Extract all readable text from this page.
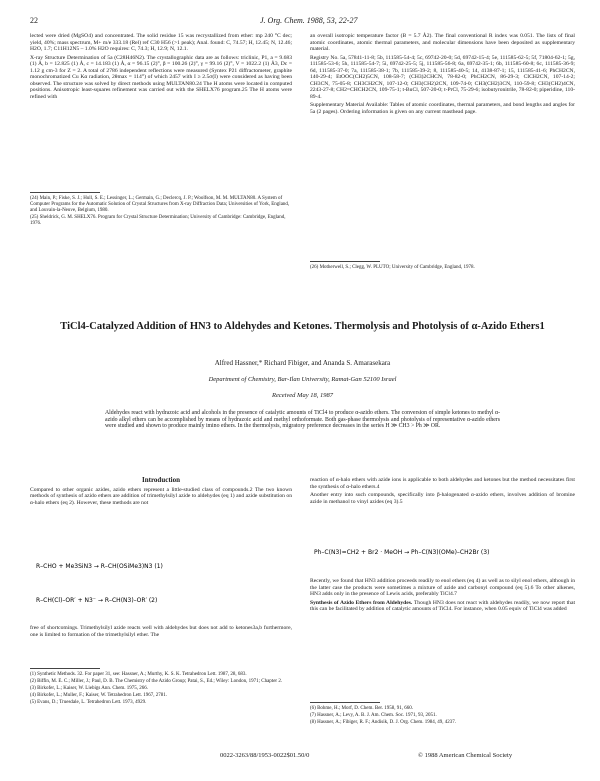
22	J. Org. Chem. 1988, 53, 22-27

lected were dried (MgSO4) and concentrated. The solid residue 15 was recrystallized from ether: mp 240 °C dec; yield, 40%; mass spectrum, M+ m/e 333.18 (Rel) ref C30 H56 (>1 peak); Anal. found: C, 74.57; H, 12.45; N, 12.46; H2O, 1.7; C11H12N5 – 1.0% H2O requires: C, 74.3; H, 12.9; N, 12.1.

X-ray Structure Determination of 5a (C28H46N2). The crystallographic data are as follows: triclinic, P1, a = 9.683 (1) Å, b = 12.825 (1) Å, c = 14.183 (1) Å, α = 96.15 (2)°, β = 100.26 (2)°, γ = 99.16 (2)°, V = 1022.2 (1) Å3, Dc = 1.12 g cm-3 for Z = 2. A total of 2786 independent reflections were measured (Syntex P21 diffractometer, graphite monochromatized Cu Kα radiation, 2θmax = 114°) of which 2457 with I ≥ 2.5σ(I) were considered as having been observed. The structure was solved by direct methods using MULTAN80.24 The H atoms were located in computed positions. Anisotropic least-squares refinement was carried out with the SHELX76 program.25 The H atoms were refined with

(24) Main, P.; Fiske, S. J.; Hull, S. E.; Lessinger, L.; Germain, G.; Declercq, J. P.; Woolfson, M. M. MULTAN80. A System of Computer Programs for the Automatic Solution of Crystal Structures from X-ray Diffraction Data; Universities of York, England, and Louvain-la-Neuve, Belgium, 1980.

(25) Sheldrick, G. M. SHELX76. Program for Crystal Structure Determination; University of Cambridge: Cambridge, England, 1976.

an overall isotropic temperature factor (B = 5.7 Å2). The final conventional R index was 0.051. The lists of final atomic coordinates, atomic thermal parameters, and molecular dimensions have been deposited as supplementary material.

Registry No. 5a, 57841-11-8; 5b, 111585-54-4; 5c, 69742-20-0; 5d, 69742-15-4; 5e, 111585-62-5; 5f, 71804-62-1; 5g, 111585-53-6; 5h, 111585-54-7; 5i, 69742-25-5; 5j, 111585-56-8; 6a, 69742-35-1; 6b, 111585-60-8; 6c, 111585-36-9; 6d, 111585-37-0; 7a, 111585-38-1; 7b, 111585-39-2; 8, 111585-40-5; 14, 4138-87-1; 15, 111585-41-6; PhCH2CN, 140-29-4; EtOOC(CH2)5CN, 108-58-7; (CH3)2CHCN, 78-82-0; PhCH2CN, 86-29-3; CICH2CN, 107-14-2; CH3CN, 75-05-8; CH3CH2CN, 107-12-0; CH3(CH2)2CN, 109-74-0; CH3(CH2)3CN, 110-59-8; CH3(CH2)4CN, 2243-27-8; CH2=CHCH2CN, 109-75-1; t-BuCl, 507-20-0; t-PrCl, 75-29-6; isobutyronitrile, 78-82-0; piperidine, 110-89-4.

Supplementary Material Available: Tables of atomic coordinates, thermal parameters, and bond lengths and angles for 5a (2 pages). Ordering information is given on any current masthead page.

(26) Motherwell, S.; Clegg, W. PLUTO; University of Cambridge, England, 1978.
TiCl4-Catalyzed Addition of HN3 to Aldehydes and Ketones. Thermolysis and Photolysis of α-Azido Ethers1
Alfred Hassner,* Richard Fibiger, and Ananda S. Amarasekara
Department of Chemistry, Bar-Ilan University, Ramat-Gan 52100 Israel
Received May 18, 1987
Aldehydes react with hydrazoic acid and alcohols in the presence of catalytic amounts of TiCl4 to produce α-azido ethers. The conversion of simple ketones to methyl α-azido alkyl ethers can be accomplished by means of hydrazoic acid and methyl orthoformate. Both gas-phase thermolysis and photolysis of representative α-azido ethers were studied and shown to produce mainly imino ethers. In the thermolysis, migratory preference decreases in the series H ≫ CH3 > Ph ≫ OR.
Introduction

Compared to other organic azides, azido ethers represent a little-studied class of compounds.2 The two known methods of synthesis of azido ethers are addition of trimethylsilyl azide to aldehydes (eq 1) and azide substitution on α-halo ethers (eq 2). However, these methods are not

R–CHO + Me3SiN3 → R–CH(OSiMe3)N3 (1)
R–CH(Cl)–OR′ + N3⁻ → R–CH(N3)–OR′ (2)
free of shortcomings. Trimethylsilyl azide reacts well with aldehydes but does not add to ketones3a,b furthermore, one is limited to formation of the trimethylsilyl ether. The

(1) Synthetic Methods. 32. For paper 31, see: Hassner, A.; Murthy, K. S. K. Tetrahedron Lett. 1987, 28, 683.

(2) Biffin, M. E. C.; Miller, J.; Paul, D. B. The Chemistry of the Azido Group; Patai, S., Ed.; Wiley: London, 1971; Chapter 2.

(3) Birkofer, L.; Kaiser, W. Liebigs Ann. Chem. 1975, 266.

(4) Birkofer, L.; Muller, F.; Kaiser, W. Tetrahedron Lett. 1967, 2781.

(5) Evans, D.; Truesdale, L. Tetrahedron Lett. 1973, 4929.

reaction of α-halo ethers with azide ions is applicable to both aldehydes and ketones but the method necessitates first the synthesis of α-halo ethers.4

Another entry into such compounds, specifically into β-halogenated α-azido ethers, involves addition of bromine azide in methanol to vinyl azides (eq 3).5

Ph–C(N3)=CH2 + Br2 · MeOH → Ph–C(N3)(OMe)–CH2Br (3)

Recently, we found that HN3 addition proceeds readily to enol ethers (eq 4) as well as to silyl enol ethers, although in the latter case the products were sometimes a mixture of azide and carbonyl compound (eq 5).6 To other alkenes, HN3 adds only in the presence of Lewis acids, preferably TiCl4.7

Synthesis of Azido Ethers from Aldehydes. Though HN3 does not react with aldehydes readily, we now report that this can be facilitated by addition of catalytic amounts of TiCl4. For instance, when 0.05 equiv of TiCl4 was added

(6) Bohme, H.; Morf, D. Chem. Ber. 1958, 91, 660.

(7) Hassner, A.; Levy, A. B. J. Am. Chem. Soc. 1971, 93, 2051.

(8) Hassner, A.; Fibiger, R. F.; Andisik, D. J. Org. Chem. 1984, 49, 4237.

0022-3263/88/1953-0022$01.50/0	© 1988 American Chemical Society
